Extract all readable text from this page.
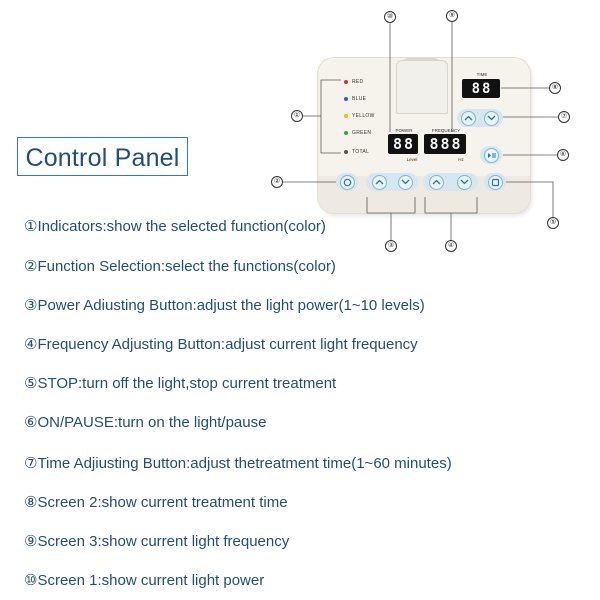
Control Panel
RED
BLUE
YELLOW
GREEN
TOTAL
TIME
8 8
POWER
8 8
Level
FREQUENCY
8 8 8
Hz
⑩	⑨
①
②
③	④
⑤
⑥
⑦
⑧
①Indicators:show the selected function(color)
②Function Selection:select the functions(color)
③Power Adiusting Button:adjust the light power(1~10 levels)
④Frequency Adjusting Button:adjust current light frequency
⑤STOP:turn off the light,stop current treatment
⑥ON/PAUSE:turn on the light/pause
⑦Time Adjiusting Button:adjust thetreatment time(1~60 minutes)
⑧Screen 2:show current treatment time
⑨Screen 3:show current light frequency
⑩Screen 1:show current light power
